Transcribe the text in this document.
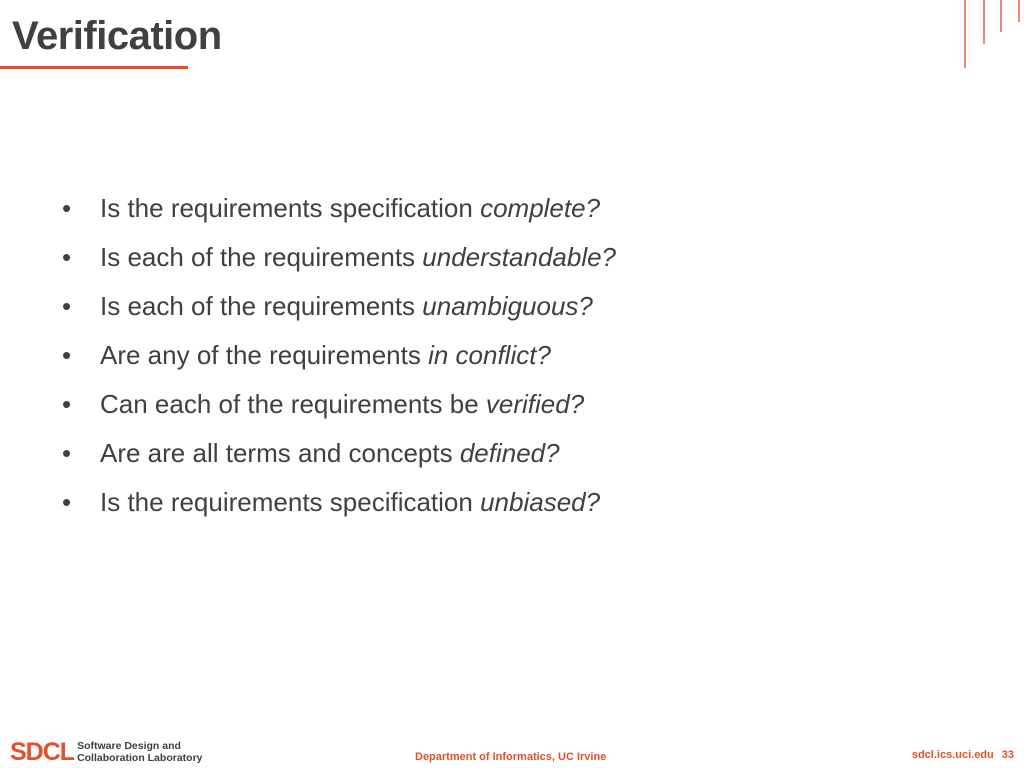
Verification
• Is the requirements specification complete?
• Is each of the requirements understandable?
• Is each of the requirements unambiguous?
• Are any of the requirements in conflict?
• Can each of the requirements be verified?
• Are are all terms and concepts defined?
• Is the requirements specification unbiased?
SDCL Software Design and
Collaboration Laboratory	Department of Informatics, UC Irvine	sdcl.ics.uci.edu 33
